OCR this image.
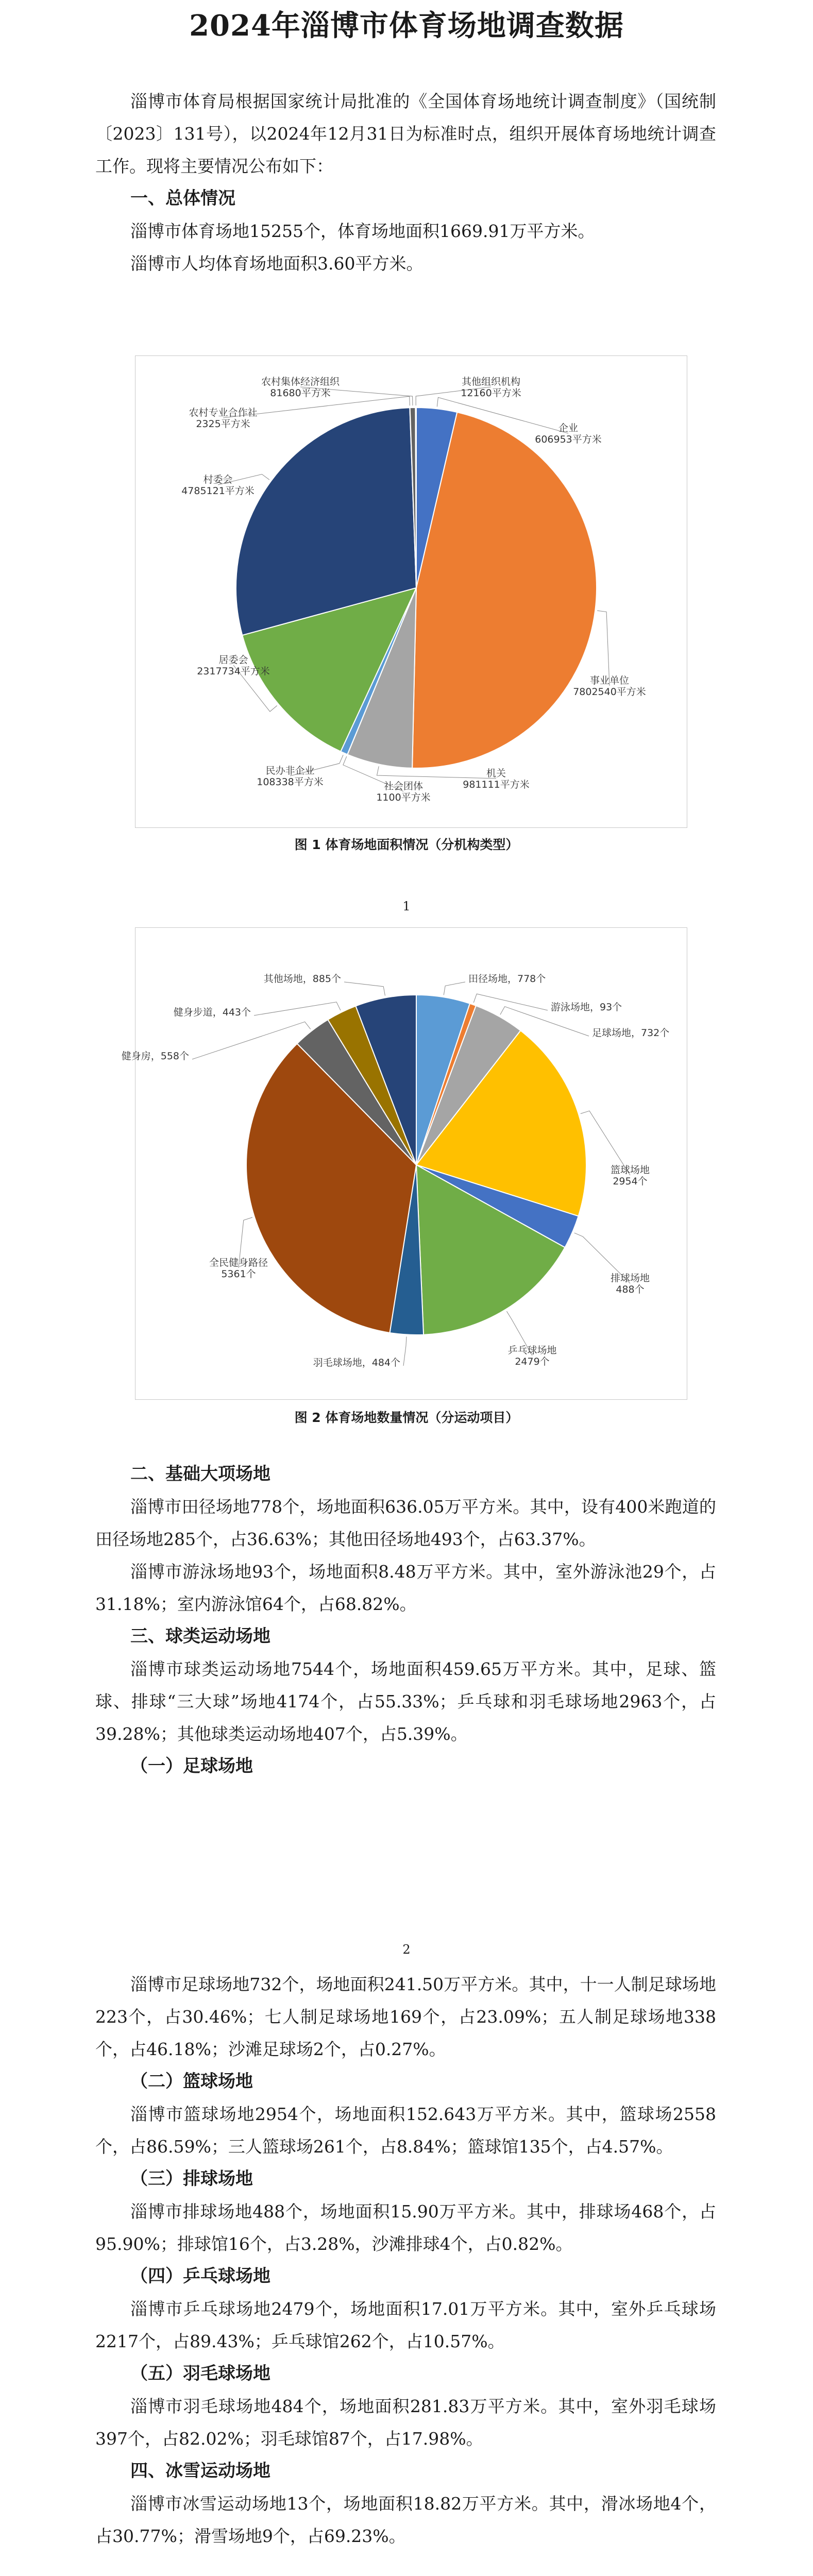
2024年淄博市体育场地调查数据

淄博市体育局根据国家统计局批准的《全国体育场地统计调查制度》（国统制〔2023〕131号），以2024年12月31日为标准时点，组织开展体育场地统计调查工作。现将主要情况公布如下：

一、总体情况

淄博市体育场地15255个，体育场地面积1669.91万平方米。

淄博市人均体育场地面积3.60平方米。

企业 606953平方米
事业单位 7802540平方米
机关 981111平方米
社会团体 1100平方米
民办非企业 108338平方米
居委会 2317734平方米
村委会 4785121平方米
农村专业合作社 2325平方米
农村集体经济组织 81680平方米
其他组织机构 12160平方米
图 1 体育场地面积情况（分机构类型）
1
田径场地，778个
游泳场地，93个
足球场地，732个
篮球场地 2954个
排球场地 488个
乒乓球场地 2479个
羽毛球场地，484个
全民健身路径 5361个
健身房，558个
健身步道，443个
其他场地，885个
图 2 体育场地数量情况（分运动项目）

二、基础大项场地

淄博市田径场地778个，场地面积636.05万平方米。其中，设有400米跑道的田径场地285个，占36.63%；其他田径场地493个，占63.37%。

淄博市游泳场地93个，场地面积8.48万平方米。其中，室外游泳池29个，占31.18%；室内游泳馆64个，占68.82%。

三、球类运动场地

淄博市球类运动场地7544个，场地面积459.65万平方米。其中，足球、篮球、排球“三大球”场地4174个，占55.33%；乒乓球和羽毛球场地2963个，占39.28%；其他球类运动场地407个，占5.39%。

（一）足球场地

2

淄博市足球场地732个，场地面积241.50万平方米。其中，十一人制足球场地223个，占30.46%；七人制足球场地169个，占23.09%；五人制足球场地338个，占46.18%；沙滩足球场2个，占0.27%。

（二）篮球场地

淄博市篮球场地2954个，场地面积152.643万平方米。其中，篮球场2558个，占86.59%；三人篮球场261个，占8.84%；篮球馆135个，占4.57%。

（三）排球场地

淄博市排球场地488个，场地面积15.90万平方米。其中，排球场468个，占95.90%；排球馆16个，占3.28%，沙滩排球4个，占0.82%。

（四）乒乓球场地

淄博市乒乓球场地2479个，场地面积17.01万平方米。其中，室外乒乓球场2217个，占89.43%；乒乓球馆262个，占10.57%。

（五）羽毛球场地

淄博市羽毛球场地484个，场地面积281.83万平方米。其中，室外羽毛球场397个，占82.02%；羽毛球馆87个，占17.98%。

四、冰雪运动场地

淄博市冰雪运动场地13个，场地面积18.82万平方米。其中，滑冰场地4个，占30.77%；滑雪场地9个，占69.23%。
